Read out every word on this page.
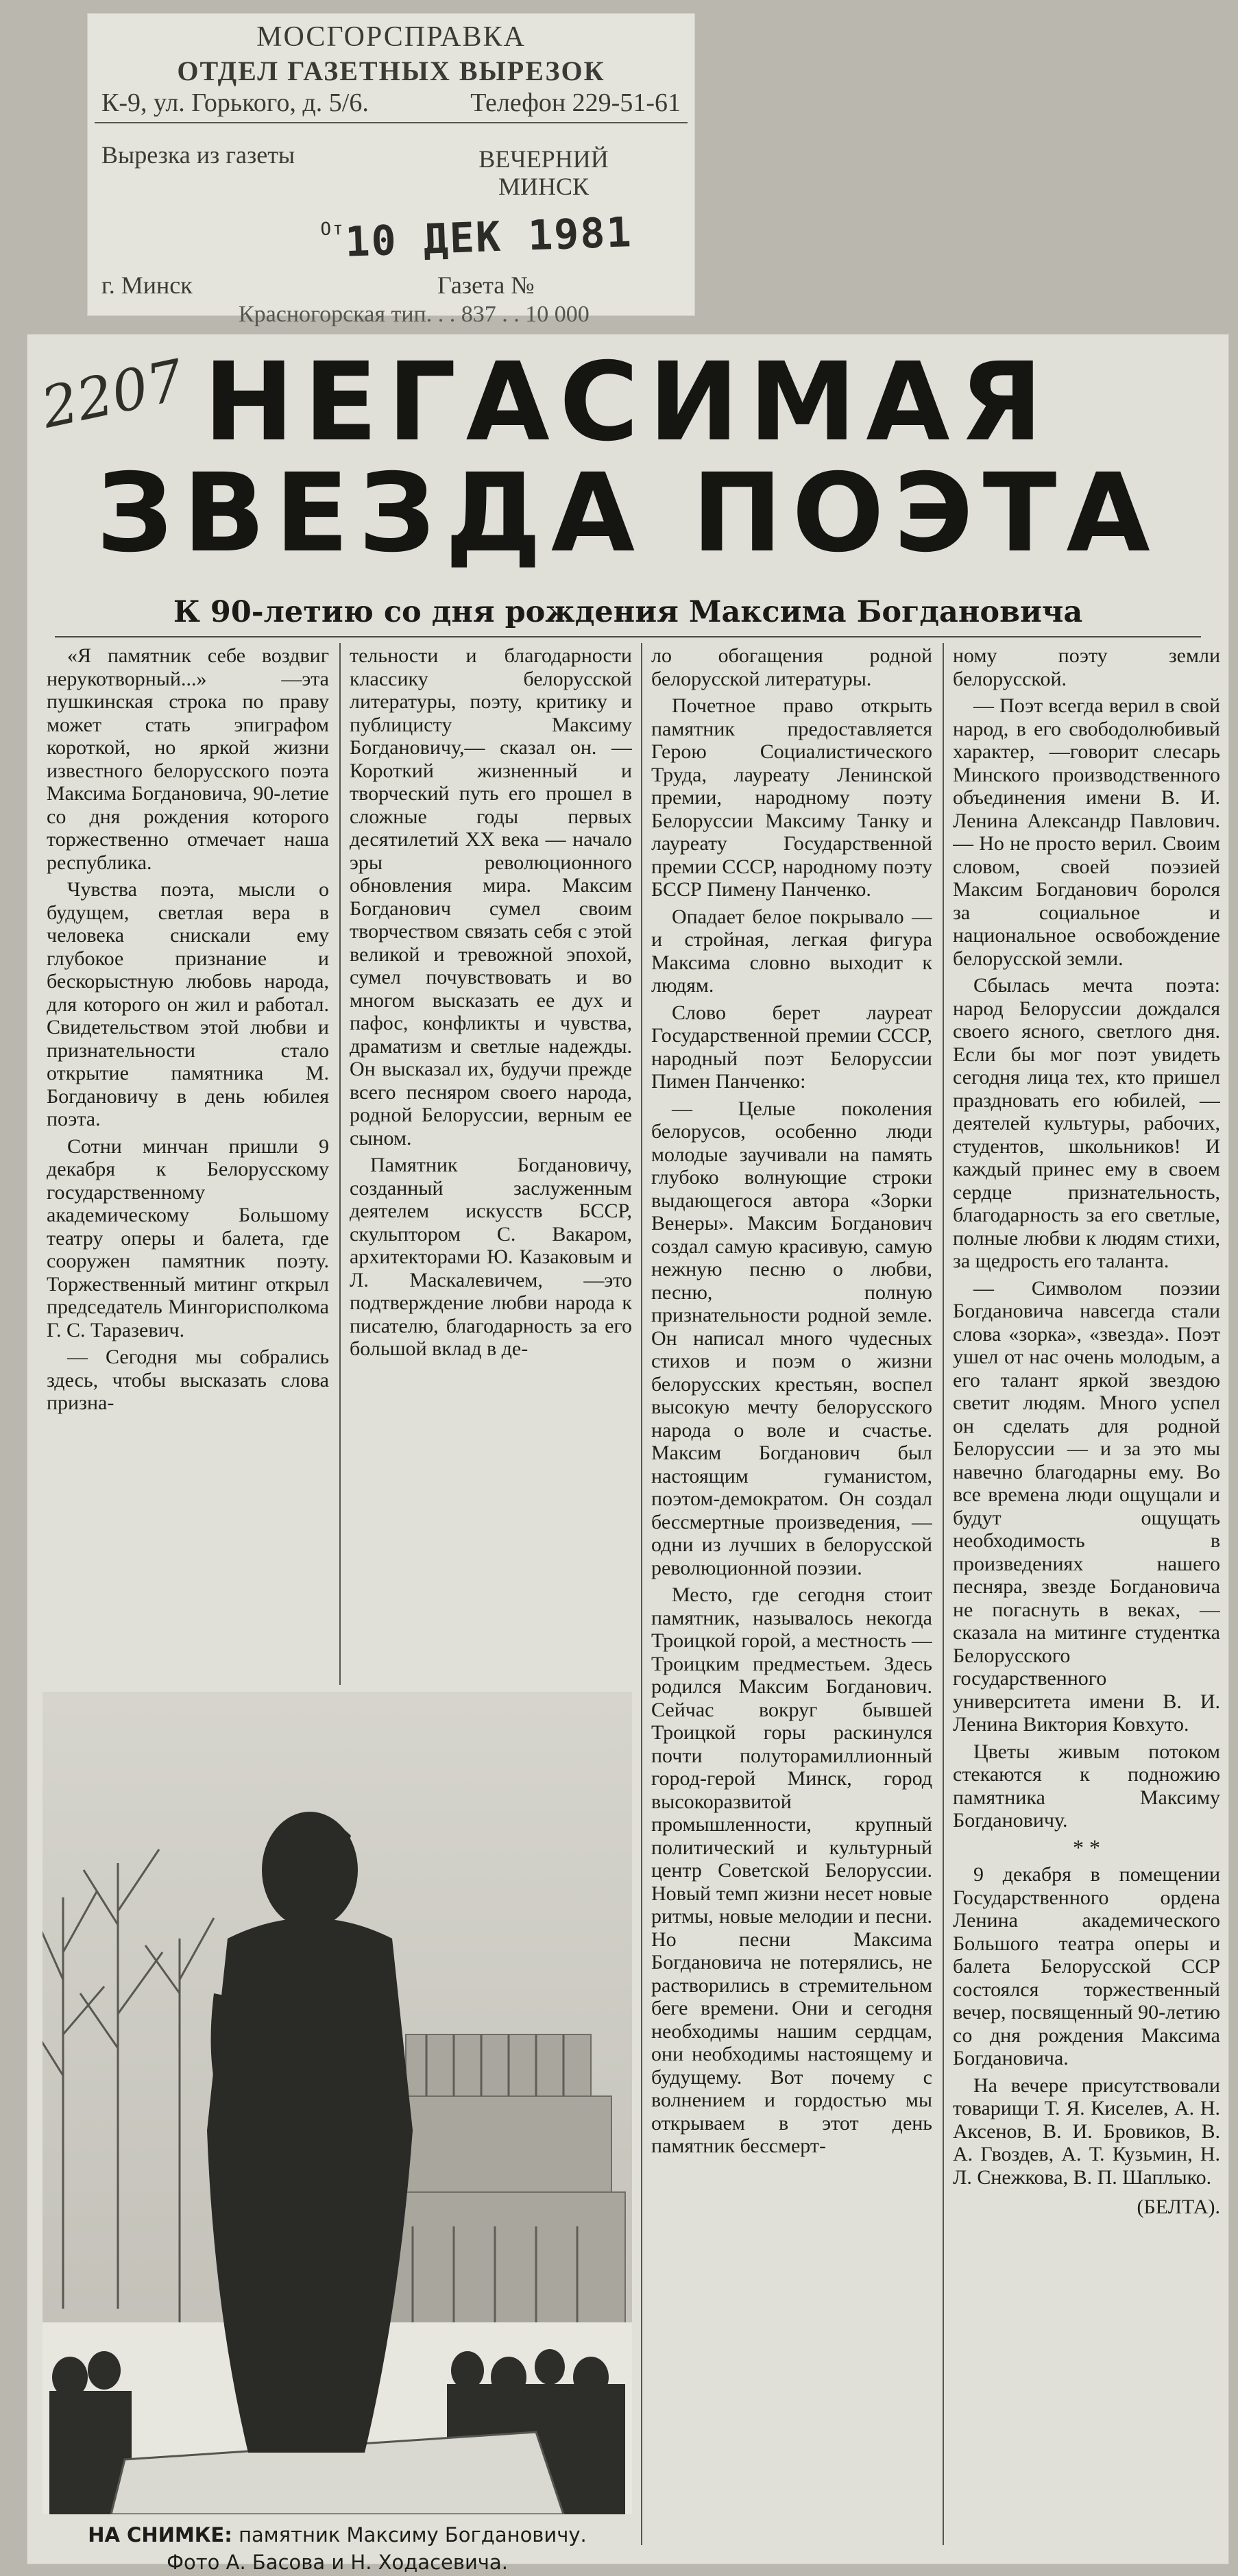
МОСГОРСПРАВКА
ОТДЕЛ ГАЗЕТНЫХ ВЫРЕЗОК
К-9, ул. Горького, д. 5/6.	Телефон 229-51-61
Вырезка из газеты	ВЕЧЕРНИЙ МИНСК
$^{От}$10 ДЕК 1981
г. Минск	Газета №
Красногорская тип. . . 837 . . 10 000
2207 НЕГАСИМАЯ
ЗВЕЗДА ПОЭТА
К 90-летию со дня рождения Максима Богдановича

«Я памятник себе воздвиг нерукотворный...» —эта пушкинская строка по праву может стать эпиграфом короткой, но яркой жизни известного белорусского поэта Максима Богдановича, 90-летие со дня рождения которого торжественно отмечает наша республика.

Чувства поэта, мысли о будущем, светлая вера в человека снискали ему глубокое признание и бескорыстную любовь народа, для которого он жил и работал. Свидетельством этой любви и признательности стало открытие памятника М. Богдановичу в день юбилея поэта.

Сотни минчан пришли 9 декабря к Белорусскому государственному академическому Большому театру оперы и балета, где сооружен памятник поэту. Торжественный митинг открыл председатель Мингорисполкома Г. С. Таразевич.

— Сегодня мы собрались здесь, чтобы высказать слова призна-

тельности и благодарности классику белорусской литературы, поэту, критику и публицисту Максиму Богдановичу,— сказал он. — Короткий жизненный и творческий путь его прошел в сложные годы первых десятилетий XX века — начало эры революционного обновления мира. Максим Богданович сумел своим творчеством связать себя с этой великой и тревожной эпохой, сумел почувствовать и во многом высказать ее дух и пафос, конфликты и чувства, драматизм и светлые надежды. Он высказал их, будучи прежде всего песняром своего народа, родной Белоруссии, верным ее сыном.

Памятник Богдановичу, созданный заслуженным деятелем искусств БССР, скульптором С. Вакаром, архитекторами Ю. Казаковым и Л. Маскалевичем, —это подтверждение любви народа к писателю, благодарность за его большой вклад в де-

ло обогащения родной белорусской литературы.

Почетное право открыть памятник предоставляется Герою Социалистического Труда, лауреату Ленинской премии, народному поэту Белоруссии Максиму Танку и лауреату Государственной премии СССР, народному поэту БССР Пимену Панченко.

Опадает белое покрывало — и стройная, легкая фигура Максима словно выходит к людям.

Слово берет лауреат Государственной премии СССР, народный поэт Белоруссии Пимен Панченко:

— Целые поколения белорусов, особенно люди молодые заучивали на память глубоко волнующие строки выдающегося автора «Зорки Венеры». Максим Богданович создал самую красивую, самую нежную песню о любви, песню, полную признательности родной земле. Он написал много чудесных стихов и поэм о жизни белорусских крестьян, воспел высокую мечту белорусского народа о воле и счастье. Максим Богданович был настоящим гуманистом, поэтом-демократом. Он создал бессмертные произведения, — одни из лучших в белорусской революционной поэзии.

Место, где сегодня стоит памятник, называлось некогда Троицкой горой, а местность — Троицким предместьем. Здесь родился Максим Богданович. Сейчас вокруг бывшей Троицкой горы раскинулся почти полуторамиллионный город-герой Минск, город высокоразвитой промышленности, крупный политический и культурный центр Советской Белоруссии. Новый темп жизни несет новые ритмы, новые мелодии и песни. Но песни Максима Богдановича не потерялись, не растворились в стремительном беге времени. Они и сегодня необходимы нашим сердцам, они необходимы настоящему и будущему. Вот почему с волнением и гордостью мы открываем в этот день памятник бессмерт-

ному поэту земли белорусской.

— Поэт всегда верил в свой народ, в его свободолюбивый характер, —говорит слесарь Минского производственного объединения имени В. И. Ленина Александр Павлович. — Но не просто верил. Своим словом, своей поэзией Максим Богданович боролся за социальное и национальное освобождение белорусской земли.

Сбылась мечта поэта: народ Белоруссии дождался своего ясного, светлого дня. Если бы мог поэт увидеть сегодня лица тех, кто пришел праздновать его юбилей, —деятелей культуры, рабочих, студентов, школьников! И каждый принес ему в своем сердце признательность, благодарность за его светлые, полные любви к людям стихи, за щедрость его таланта.

— Символом поэзии Богдановича навсегда стали слова «зорка», «звезда». Поэт ушел от нас очень молодым, а его талант яркой звездою светит людям. Много успел он сделать для родной Белоруссии — и за это мы навечно благодарны ему. Во все времена люди ощущали и будут ощущать необходимость в произведениях нашего песняра, звезде Богдановича не погаснуть в веках, — сказала на митинге студентка Белорусского государственного университета имени В. И. Ленина Виктория Ковхуто.

Цветы живым потоком стекаются к подножию памятника Максиму Богдановичу.

* *

9 декабря в помещении Государственного ордена Ленина академического Большого театра оперы и балета Белорусской ССР состоялся торжественный вечер, посвященный 90-летию со дня рождения Максима Богдановича.

На вечере присутствовали товарищи Т. Я. Киселев, А. Н. Аксенов, В. И. Бровиков, В. А. Гвоздев, А. Т. Кузьмин, Н. Л. Снежкова, В. П. Шаплыко.

(БЕЛТА).
НА СНИМКЕ: памятник Максиму Богдановичу.
Фото А. Басова и Н. Ходасевича.
